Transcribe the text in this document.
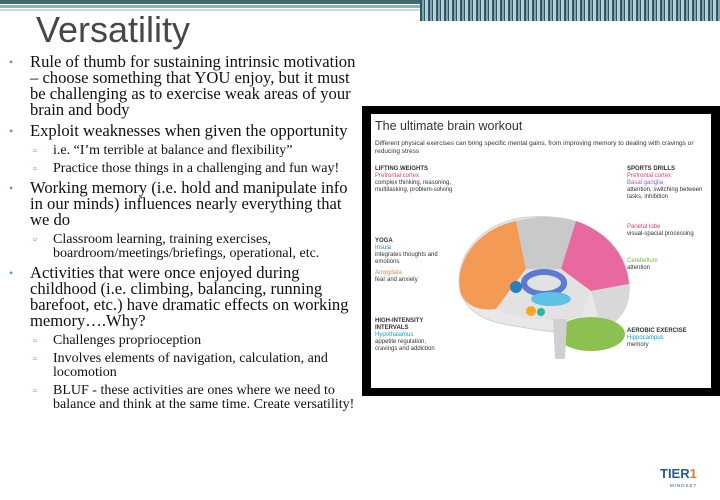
Versatility
• Rule of thumb for sustaining intrinsic motivation – choose something that YOU enjoy, but it must be challenging as to exercise weak areas of your brain and body
• Exploit weaknesses when given the opportunity
▫ i.e. “I’m terrible at balance and flexibility”
▫ Practice those things in a challenging and fun way!
• Working memory (i.e. hold and manipulate info in our minds) influences nearly everything that we do
▫ Classroom learning, training exercises, boardroom/meetings/briefings, operational, etc.
• Activities that were once enjoyed during childhood (i.e. climbing, balancing, running barefoot, etc.) have dramatic effects on working memory….Why?
▫ Challenges proprioception
▫ Involves elements of navigation, calculation, and locomotion
▫ BLUF - these activities are ones where we need to balance and think at the same time. Create versatility!
The ultimate brain workout
Different physical exercises can bring specific mental gains, from improving memory to dealing with cravings or reducing stress
LIFTING WEIGHTS
Prefrontal cortex
complex thinking, reasoning, multitasking, problem-solving
YOGA
Insula
integrates thoughts and emotions
Amygdala
fear and anxiety
HIGH-INTENSITY INTERVALS
Hypothalamus
appetite regulation, cravings and addiction
SPORTS DRILLS
Prefrontal cortex
Basal ganglia
attention, switching between tasks, inhibition
Parietal lobe
visual-spacial processing
Cerebellum
attention
AEROBIC EXERCISE
Hippocampus
memory
TIER1
MINDSET
